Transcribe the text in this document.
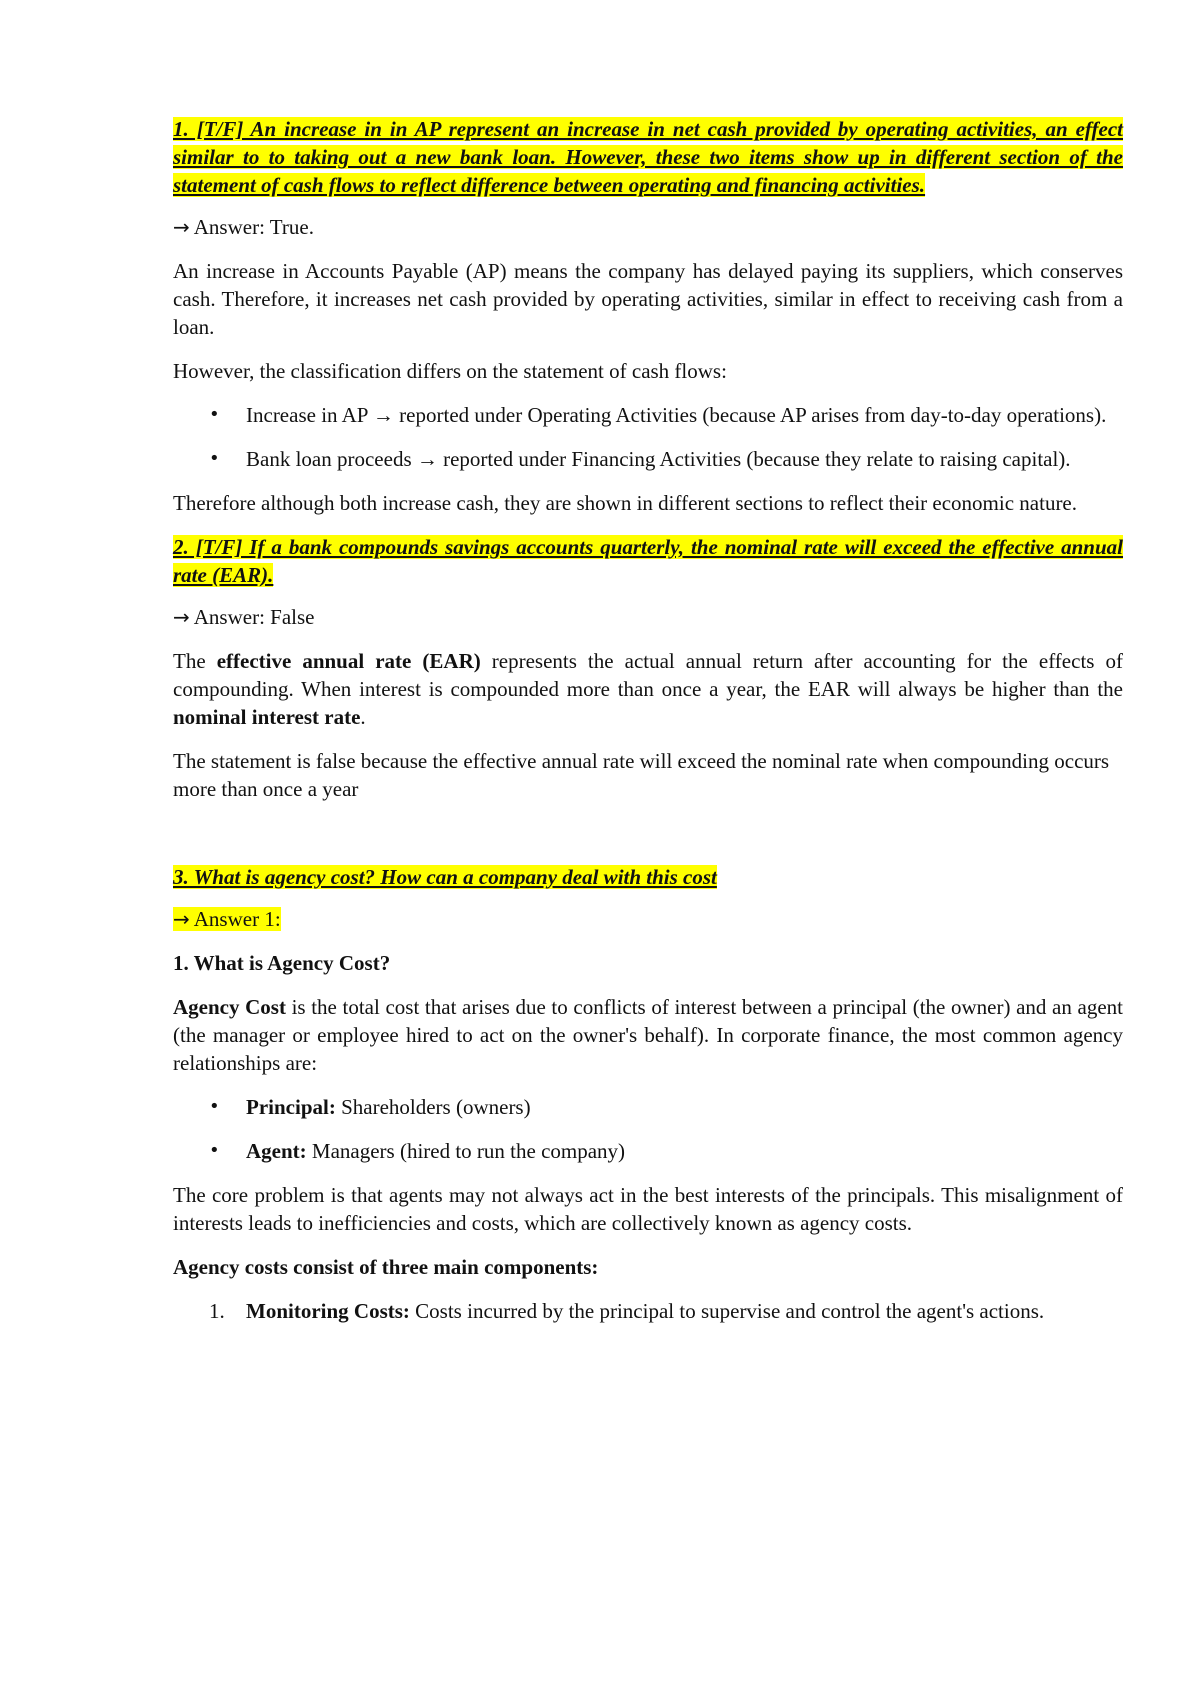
1. [T/F] An increase in in AP represent an increase in net cash provided by operating activities, an effect similar to to taking out a new bank loan. However, these two items show up in different section of the statement of cash flows to reflect difference between operating and financing activities.

→ Answer: True.

An increase in Accounts Payable (AP) means the company has delayed paying its suppliers, which conserves cash. Therefore, it increases net cash provided by operating activities, similar in effect to receiving cash from a loan.

However, the classification differs on the statement of cash flows:

• Increase in AP → reported under Operating Activities (because AP arises from day-to-day operations).
• Bank loan proceeds → reported under Financing Activities (because they relate to raising capital).

Therefore although both increase cash, they are shown in different sections to reflect their economic nature.

2. [T/F] If a bank compounds savings accounts quarterly, the nominal rate will exceed the effective annual rate (EAR).

→ Answer: False

The effective annual rate (EAR) represents the actual annual return after accounting for the effects of compounding. When interest is compounded more than once a year, the EAR will always be higher than the nominal interest rate.

The statement is false because the effective annual rate will exceed the nominal rate when compounding occurs more than once a year

3. What is agency cost? How can a company deal with this cost

→ Answer 1:

1. What is Agency Cost?

Agency Cost is the total cost that arises due to conflicts of interest between a principal (the owner) and an agent (the manager or employee hired to act on the owner's behalf). In corporate finance, the most common agency relationships are:

• Principal: Shareholders (owners)
• Agent: Managers (hired to run the company)

The core problem is that agents may not always act in the best interests of the principals. This misalignment of interests leads to inefficiencies and costs, which are collectively known as agency costs.

Agency costs consist of three main components:

1. Monitoring Costs: Costs incurred by the principal to supervise and control the agent's actions.
